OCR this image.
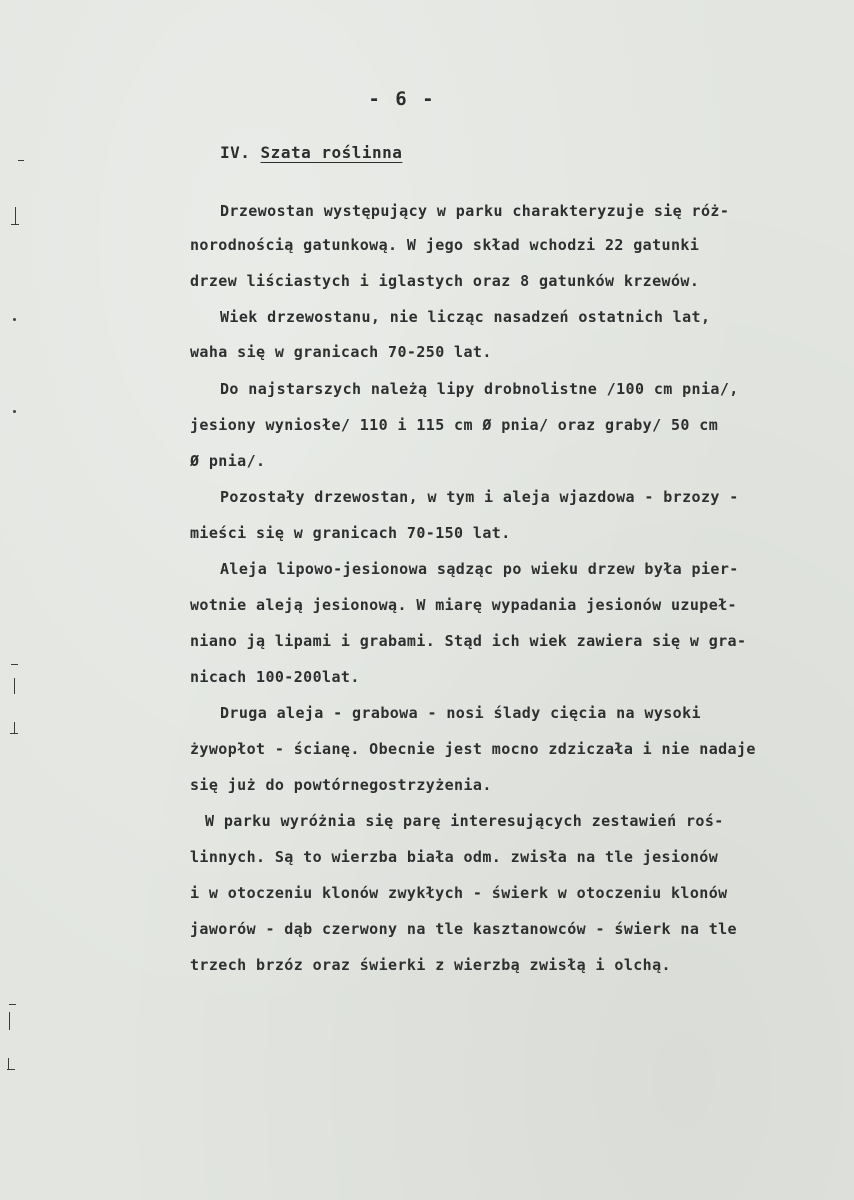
- 6 -
IV. Szata roślinna
Drzewostan występujący w parku charakteryzuje się róż-
norodnością gatunkową. W jego skład wchodzi 22 gatunki
drzew liściastych i iglastych oraz 8 gatunków krzewów.
Wiek drzewostanu, nie licząc nasadzeń ostatnich lat,
waha się w granicach 70-250 lat.
Do najstarszych należą lipy drobnolistne /100 cm pnia/,
jesiony wyniosłe/ 110 i 115 cm Ø pnia/ oraz graby/ 50 cm
Ø pnia/.
Pozostały drzewostan, w tym i aleja wjazdowa - brzozy -
mieści się w granicach 70-150 lat.
Aleja lipowo-jesionowa sądząc po wieku drzew była pier-
wotnie aleją jesionową. W miarę wypadania jesionów uzupeł-
niano ją lipami i grabami. Stąd ich wiek zawiera się w gra-
nicach 100-200lat.
Druga aleja - grabowa - nosi ślady cięcia na wysoki
żywopłot - ścianę. Obecnie jest mocno zdziczała i nie nadaje
się już do powtórnegostrzyżenia.
W parku wyróżnia się parę interesujących zestawień roś-
linnych. Są to wierzba biała odm. zwisła na tle jesionów
i w otoczeniu klonów zwykłych - świerk w otoczeniu klonów
jaworów - dąb czerwony na tle kasztanowców - świerk na tle
trzech brzóz oraz świerki z wierzbą zwisłą i olchą.
